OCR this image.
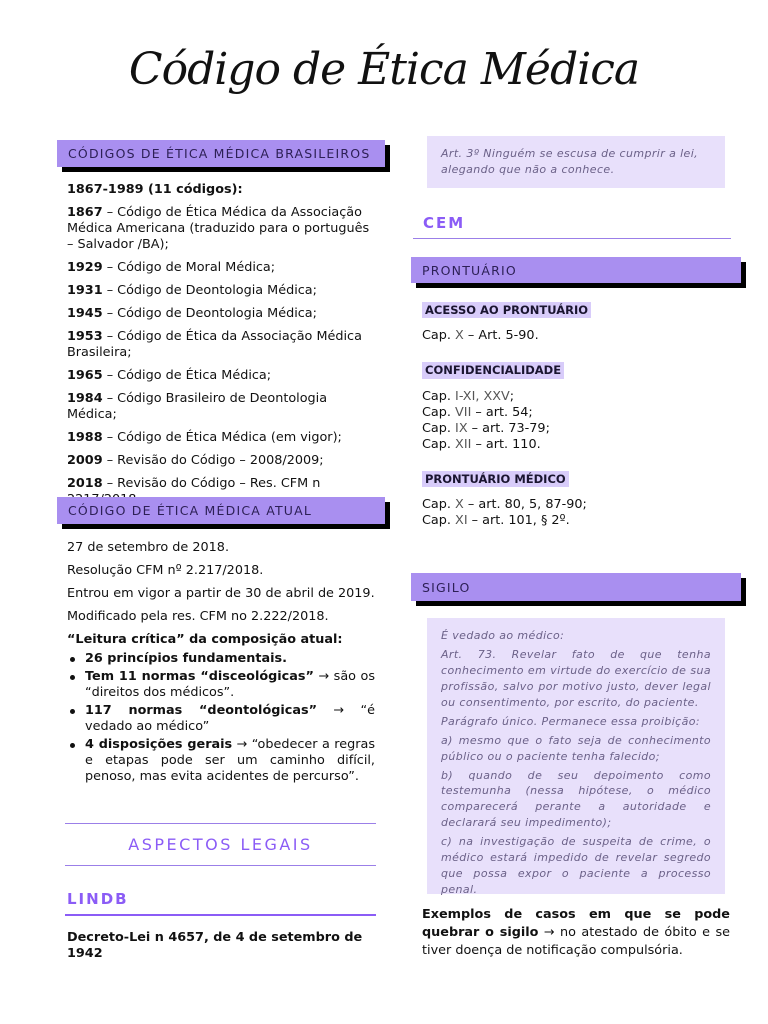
Código de Ética Médica
CÓDIGOS DE ÉTICA MÉDICA BRASILEIROS

1867-1989 (11 códigos):

1867 – Código de Ética Médica da Associação Médica Americana (traduzido para o português – Salvador /BA);

1929 – Código de Moral Médica;

1931 – Código de Deontologia Médica;

1945 – Código de Deontologia Médica;

1953 – Código de Ética da Associação Médica Brasileira;

1965 – Código de Ética Médica;

1984 – Código Brasileiro de Deontologia Médica;

1988 – Código de Ética Médica (em vigor);

2009 – Revisão do Código – 2008/2009;

2018 – Revisão do Código – Res. CFM n

CÓDIGO DE ÉTICA MÉDICA ATUAL

27 de setembro de 2018.

Resolução CFM nº 2.217/2018.

Entrou em vigor a partir de 30 de abril de 2019.

Modificado pela res. CFM no 2.222/2018.

“Leitura crítica” da composição atual:

26 princípios fundamentais.
Tem 11 normas “disceológicas” → são os “direitos dos médicos”.
117 normas “deontológicas” → “é vedado ao médico”
4 disposições gerais → “obedecer a regras e etapas pode ser um caminho difícil, penoso, mas evita acidentes de percurso”.
ASPECTOS LEGAIS
LINDB
Decreto-Lei n 4657, de 4 de setembro de 1942

Art. 3º Ninguém se escusa de cumprir a lei, alegando que não a conhece.

CEM
PRONTUÁRIO
ACESSO AO PRONTUÁRIO

Cap. X – Art. 5-90.

CONFIDENCIALIDADE

Cap. I-XI, XXV;

Cap. VII – art. 54;

Cap. IX – art. 73-79;

Cap. XII – art. 110.

PRONTUÁRIO MÉDICO

Cap. X – art. 80, 5, 87-90;

Cap. XI – art. 101, § 2º.

SIGILO

É vedado ao médico:

Art. 73. Revelar fato de que tenha conhecimento em virtude do exercício de sua profissão, salvo por motivo justo, dever legal ou consentimento, por escrito, do paciente.

Parágrafo único. Permanece essa proibição:

a) mesmo que o fato seja de conhecimento público ou o paciente tenha falecido;

b) quando de seu depoimento como testemunha (nessa hipótese, o médico comparecerá perante a autoridade e declarará seu impedimento);

c) na investigação de suspeita de crime, o médico estará impedido de revelar segredo que possa expor o paciente a processo penal.

Exemplos de casos em que se pode quebrar o sigilo → no atestado de óbito e se tiver doença de notificação compulsória.
